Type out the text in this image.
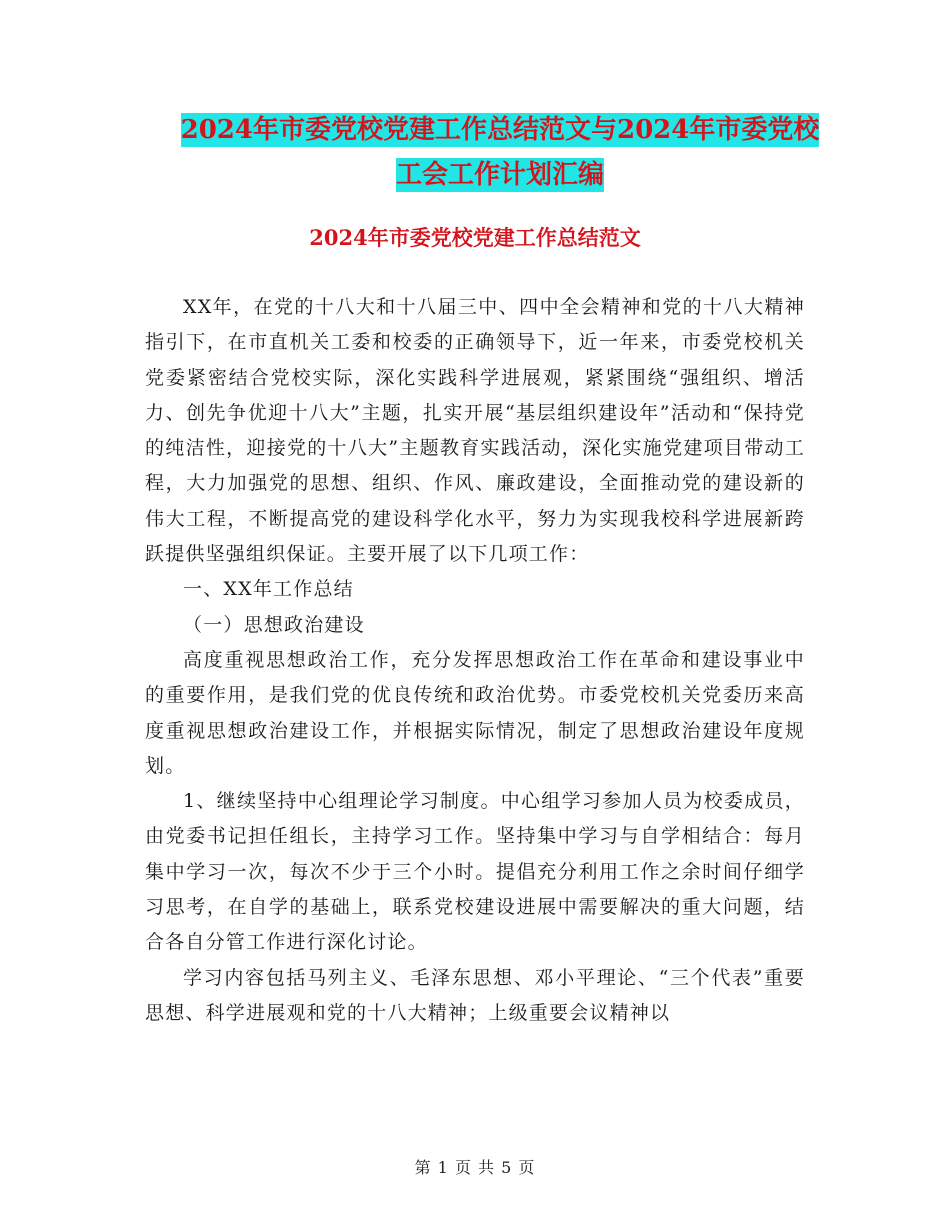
2024年市委党校党建工作总结范文与2024年市委党校
工会工作计划汇编
2024年市委党校党建工作总结范文

XX年，在党的十八大和十八届三中、四中全会精神和党的十八大精神指引下，在市直机关工委和校委的正确领导下，近一年来，市委党校机关党委紧密结合党校实际，深化实践科学进展观，紧紧围绕“强组织、增活力、创先争优迎十八大”主题，扎实开展“基层组织建设年”活动和“保持党的纯洁性，迎接党的十八大”主题教育实践活动，深化实施党建项目带动工程，大力加强党的思想、组织、作风、廉政建设，全面推动党的建设新的伟大工程，不断提高党的建设科学化水平，努力为实现我校科学进展新跨跃提供坚强组织保证。主要开展了以下几项工作：

一、XX年工作总结

（一）思想政治建设

高度重视思想政治工作，充分发挥思想政治工作在革命和建设事业中的重要作用，是我们党的优良传统和政治优势。市委党校机关党委历来高度重视思想政治建设工作，并根据实际情况，制定了思想政治建设年度规划。

1、继续坚持中心组理论学习制度。中心组学习参加人员为校委成员，由党委书记担任组长，主持学习工作。坚持集中学习与自学相结合：每月集中学习一次，每次不少于三个小时。提倡充分利用工作之余时间仔细学习思考，在自学的基础上，联系党校建设进展中需要解决的重大问题，结合各自分管工作进行深化讨论。

学习内容包括马列主义、毛泽东思想、邓小平理论、“三个代表”重要思想、科学进展观和党的十八大精神；上级重要会议精神以

第 1 页 共 5 页
